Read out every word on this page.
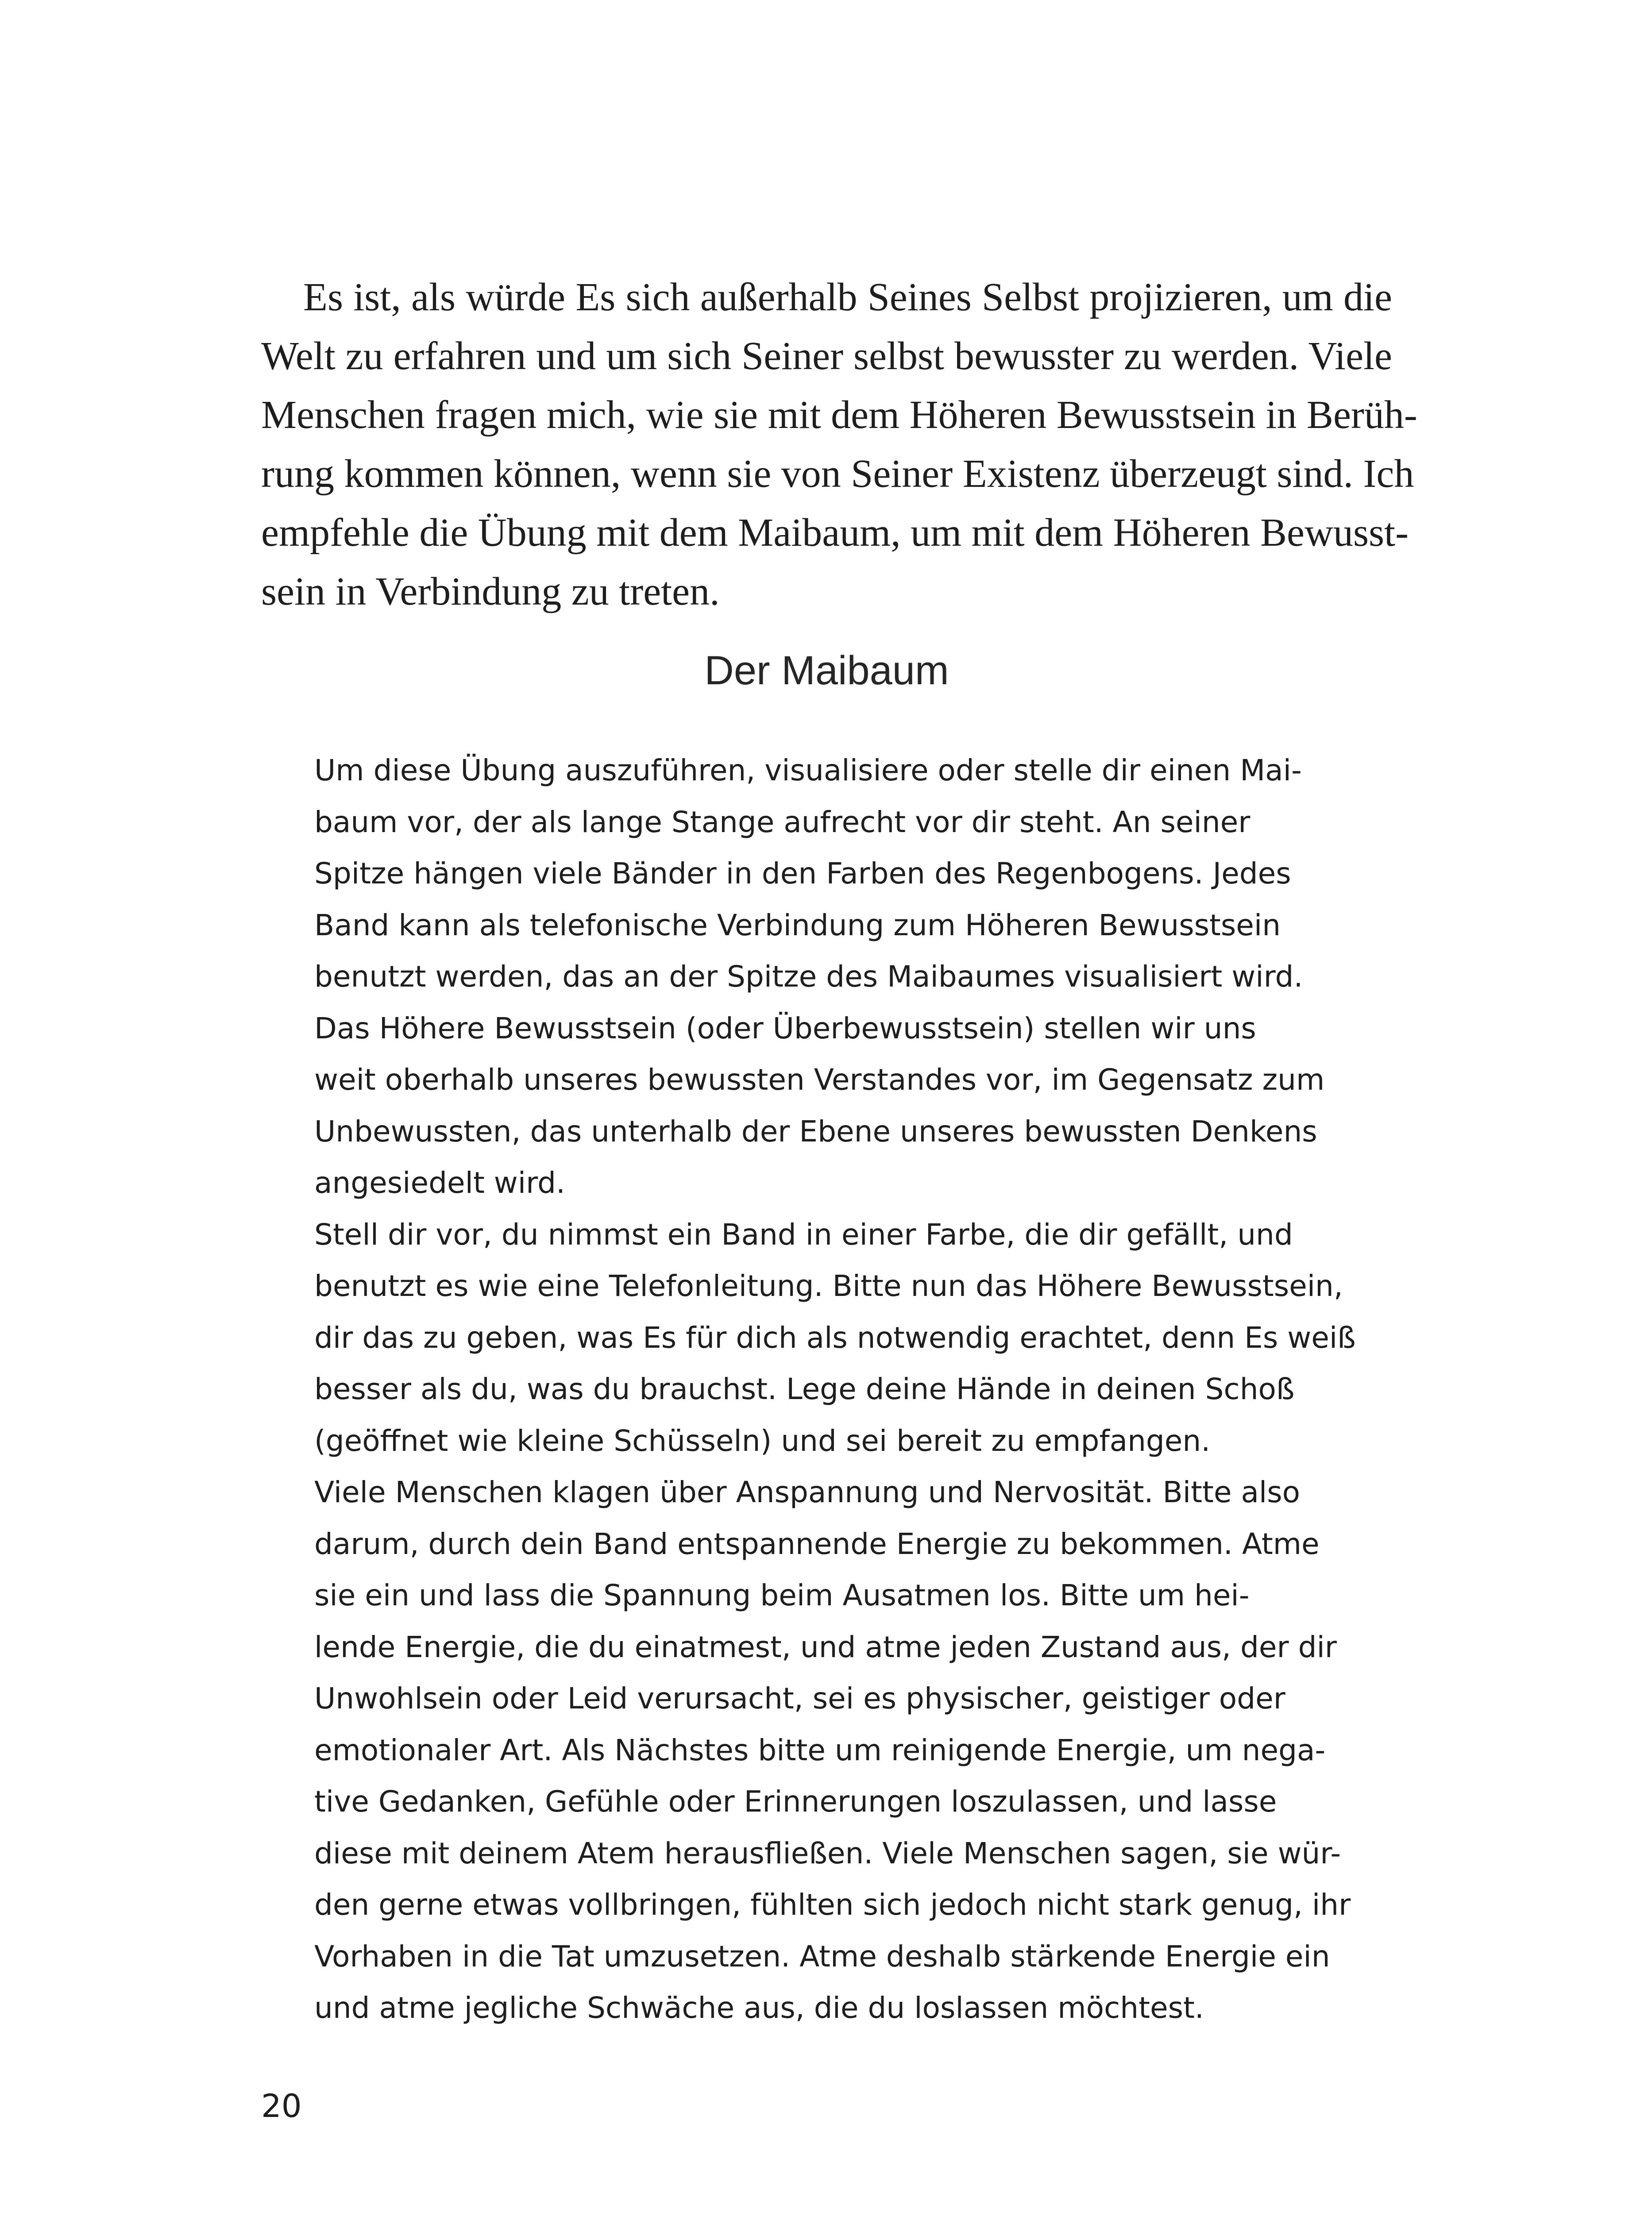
Es ist, als würde Es sich außerhalb Seines Selbst projizieren, um die
Welt zu erfahren und um sich Seiner selbst bewusster zu werden. Viele
Menschen fragen mich, wie sie mit dem Höheren Bewusstsein in Berüh-
rung kommen können, wenn sie von Seiner Existenz überzeugt sind. Ich
empfehle die Übung mit dem Maibaum, um mit dem Höheren Bewusst-
sein in Verbindung zu treten.
Der Maibaum
Um diese Übung auszuführen, visualisiere oder stelle dir einen Mai-
baum vor, der als lange Stange aufrecht vor dir steht. An seiner
Spitze hängen viele Bänder in den Farben des Regenbogens. Jedes
Band kann als telefonische Verbindung zum Höheren Bewusstsein
benutzt werden, das an der Spitze des Maibaumes visualisiert wird.
Das Höhere Bewusstsein (oder Überbewusstsein) stellen wir uns
weit oberhalb unseres bewussten Verstandes vor, im Gegensatz zum
Unbewussten, das unterhalb der Ebene unseres bewussten Denkens
angesiedelt wird.
Stell dir vor, du nimmst ein Band in einer Farbe, die dir gefällt, und
benutzt es wie eine Telefonleitung. Bitte nun das Höhere Bewusstsein,
dir das zu geben, was Es für dich als notwendig erachtet, denn Es weiß
besser als du, was du brauchst. Lege deine Hände in deinen Schoß
(geöffnet wie kleine Schüsseln) und sei bereit zu empfangen.
Viele Menschen klagen über Anspannung und Nervosität. Bitte also
darum, durch dein Band entspannende Energie zu bekommen. Atme
sie ein und lass die Spannung beim Ausatmen los. Bitte um hei-
lende Energie, die du einatmest, und atme jeden Zustand aus, der dir
Unwohlsein oder Leid verursacht, sei es physischer, geistiger oder
emotionaler Art. Als Nächstes bitte um reinigende Energie, um nega-
tive Gedanken, Gefühle oder Erinnerungen loszulassen, und lasse
diese mit deinem Atem herausfließen. Viele Menschen sagen, sie wür-
den gerne etwas vollbringen, fühlten sich jedoch nicht stark genug, ihr
Vorhaben in die Tat umzusetzen. Atme deshalb stärkende Energie ein
und atme jegliche Schwäche aus, die du loslassen möchtest.
20
